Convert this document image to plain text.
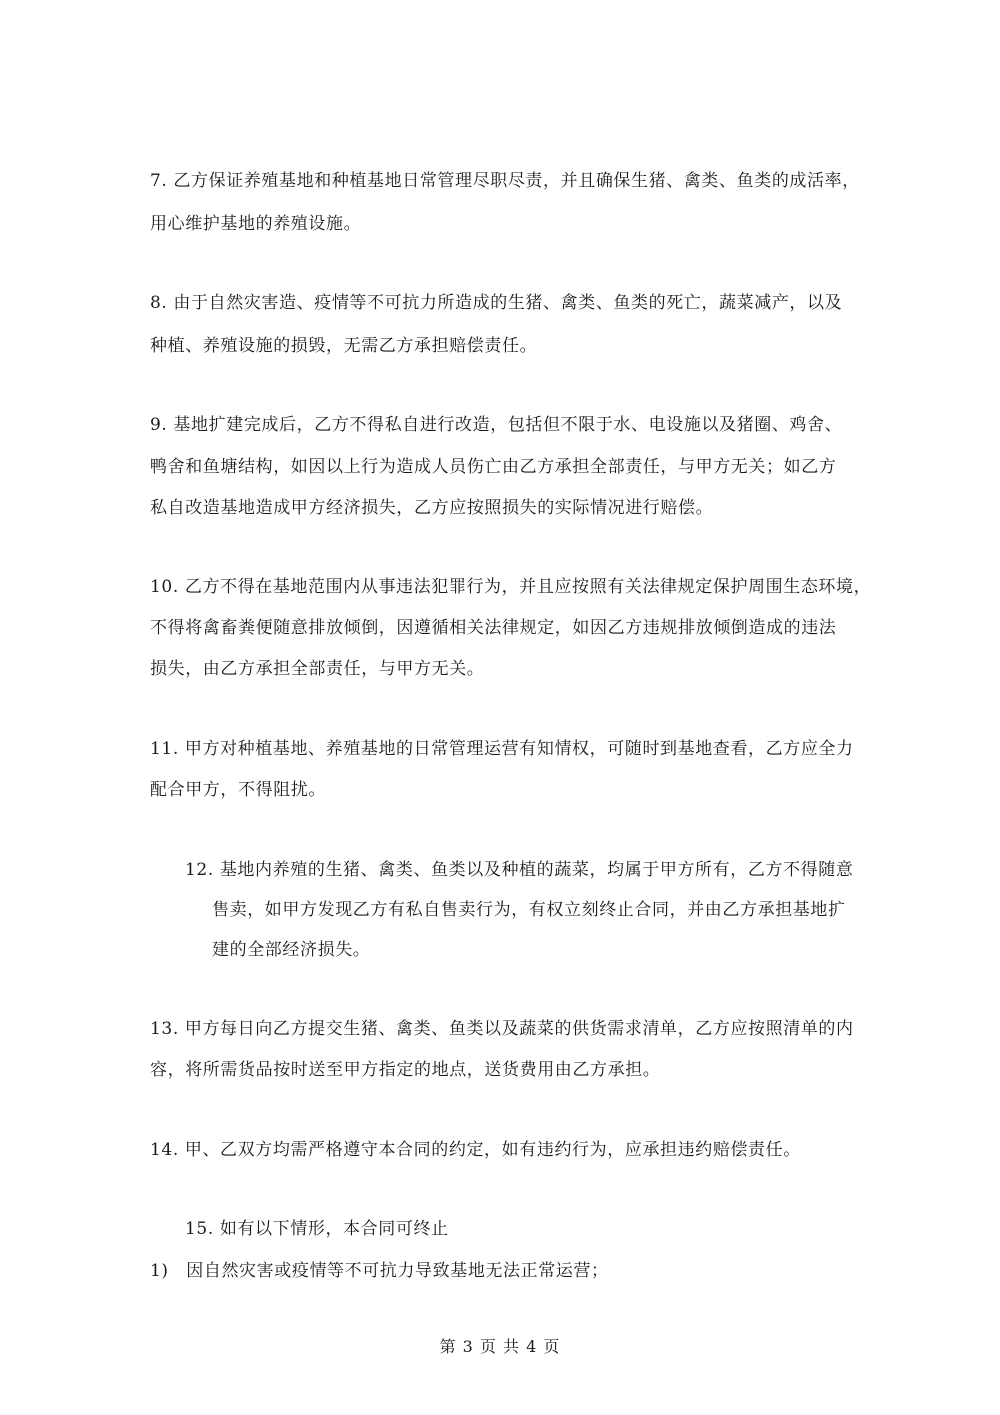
7. 乙方保证养殖基地和种植基地日常管理尽职尽责，并且确保生猪、禽类、鱼类的成活率，
用心维护基地的养殖设施。
8. 由于自然灾害造、疫情等不可抗力所造成的生猪、禽类、鱼类的死亡，蔬菜减产，以及
种植、养殖设施的损毁，无需乙方承担赔偿责任。
9. 基地扩建完成后，乙方不得私自进行改造，包括但不限于水、电设施以及猪圈、鸡舍、
鸭舍和鱼塘结构，如因以上行为造成人员伤亡由乙方承担全部责任，与甲方无关；如乙方
私自改造基地造成甲方经济损失，乙方应按照损失的实际情况进行赔偿。
10. 乙方不得在基地范围内从事违法犯罪行为，并且应按照有关法律规定保护周围生态环境，
不得将禽畜粪便随意排放倾倒，因遵循相关法律规定，如因乙方违规排放倾倒造成的违法
损失，由乙方承担全部责任，与甲方无关。
11. 甲方对种植基地、养殖基地的日常管理运营有知情权，可随时到基地查看，乙方应全力
配合甲方，不得阻扰。
12. 基地内养殖的生猪、禽类、鱼类以及种植的蔬菜，均属于甲方所有，乙方不得随意
售卖，如甲方发现乙方有私自售卖行为，有权立刻终止合同，并由乙方承担基地扩
建的全部经济损失。
13. 甲方每日向乙方提交生猪、禽类、鱼类以及蔬菜的供货需求清单，乙方应按照清单的内
容，将所需货品按时送至甲方指定的地点，送货费用由乙方承担。
14. 甲、乙双方均需严格遵守本合同的约定，如有违约行为，应承担违约赔偿责任。
15. 如有以下情形，本合同可终止
1)　因自然灾害或疫情等不可抗力导致基地无法正常运营；
第 3 页 共 4 页
